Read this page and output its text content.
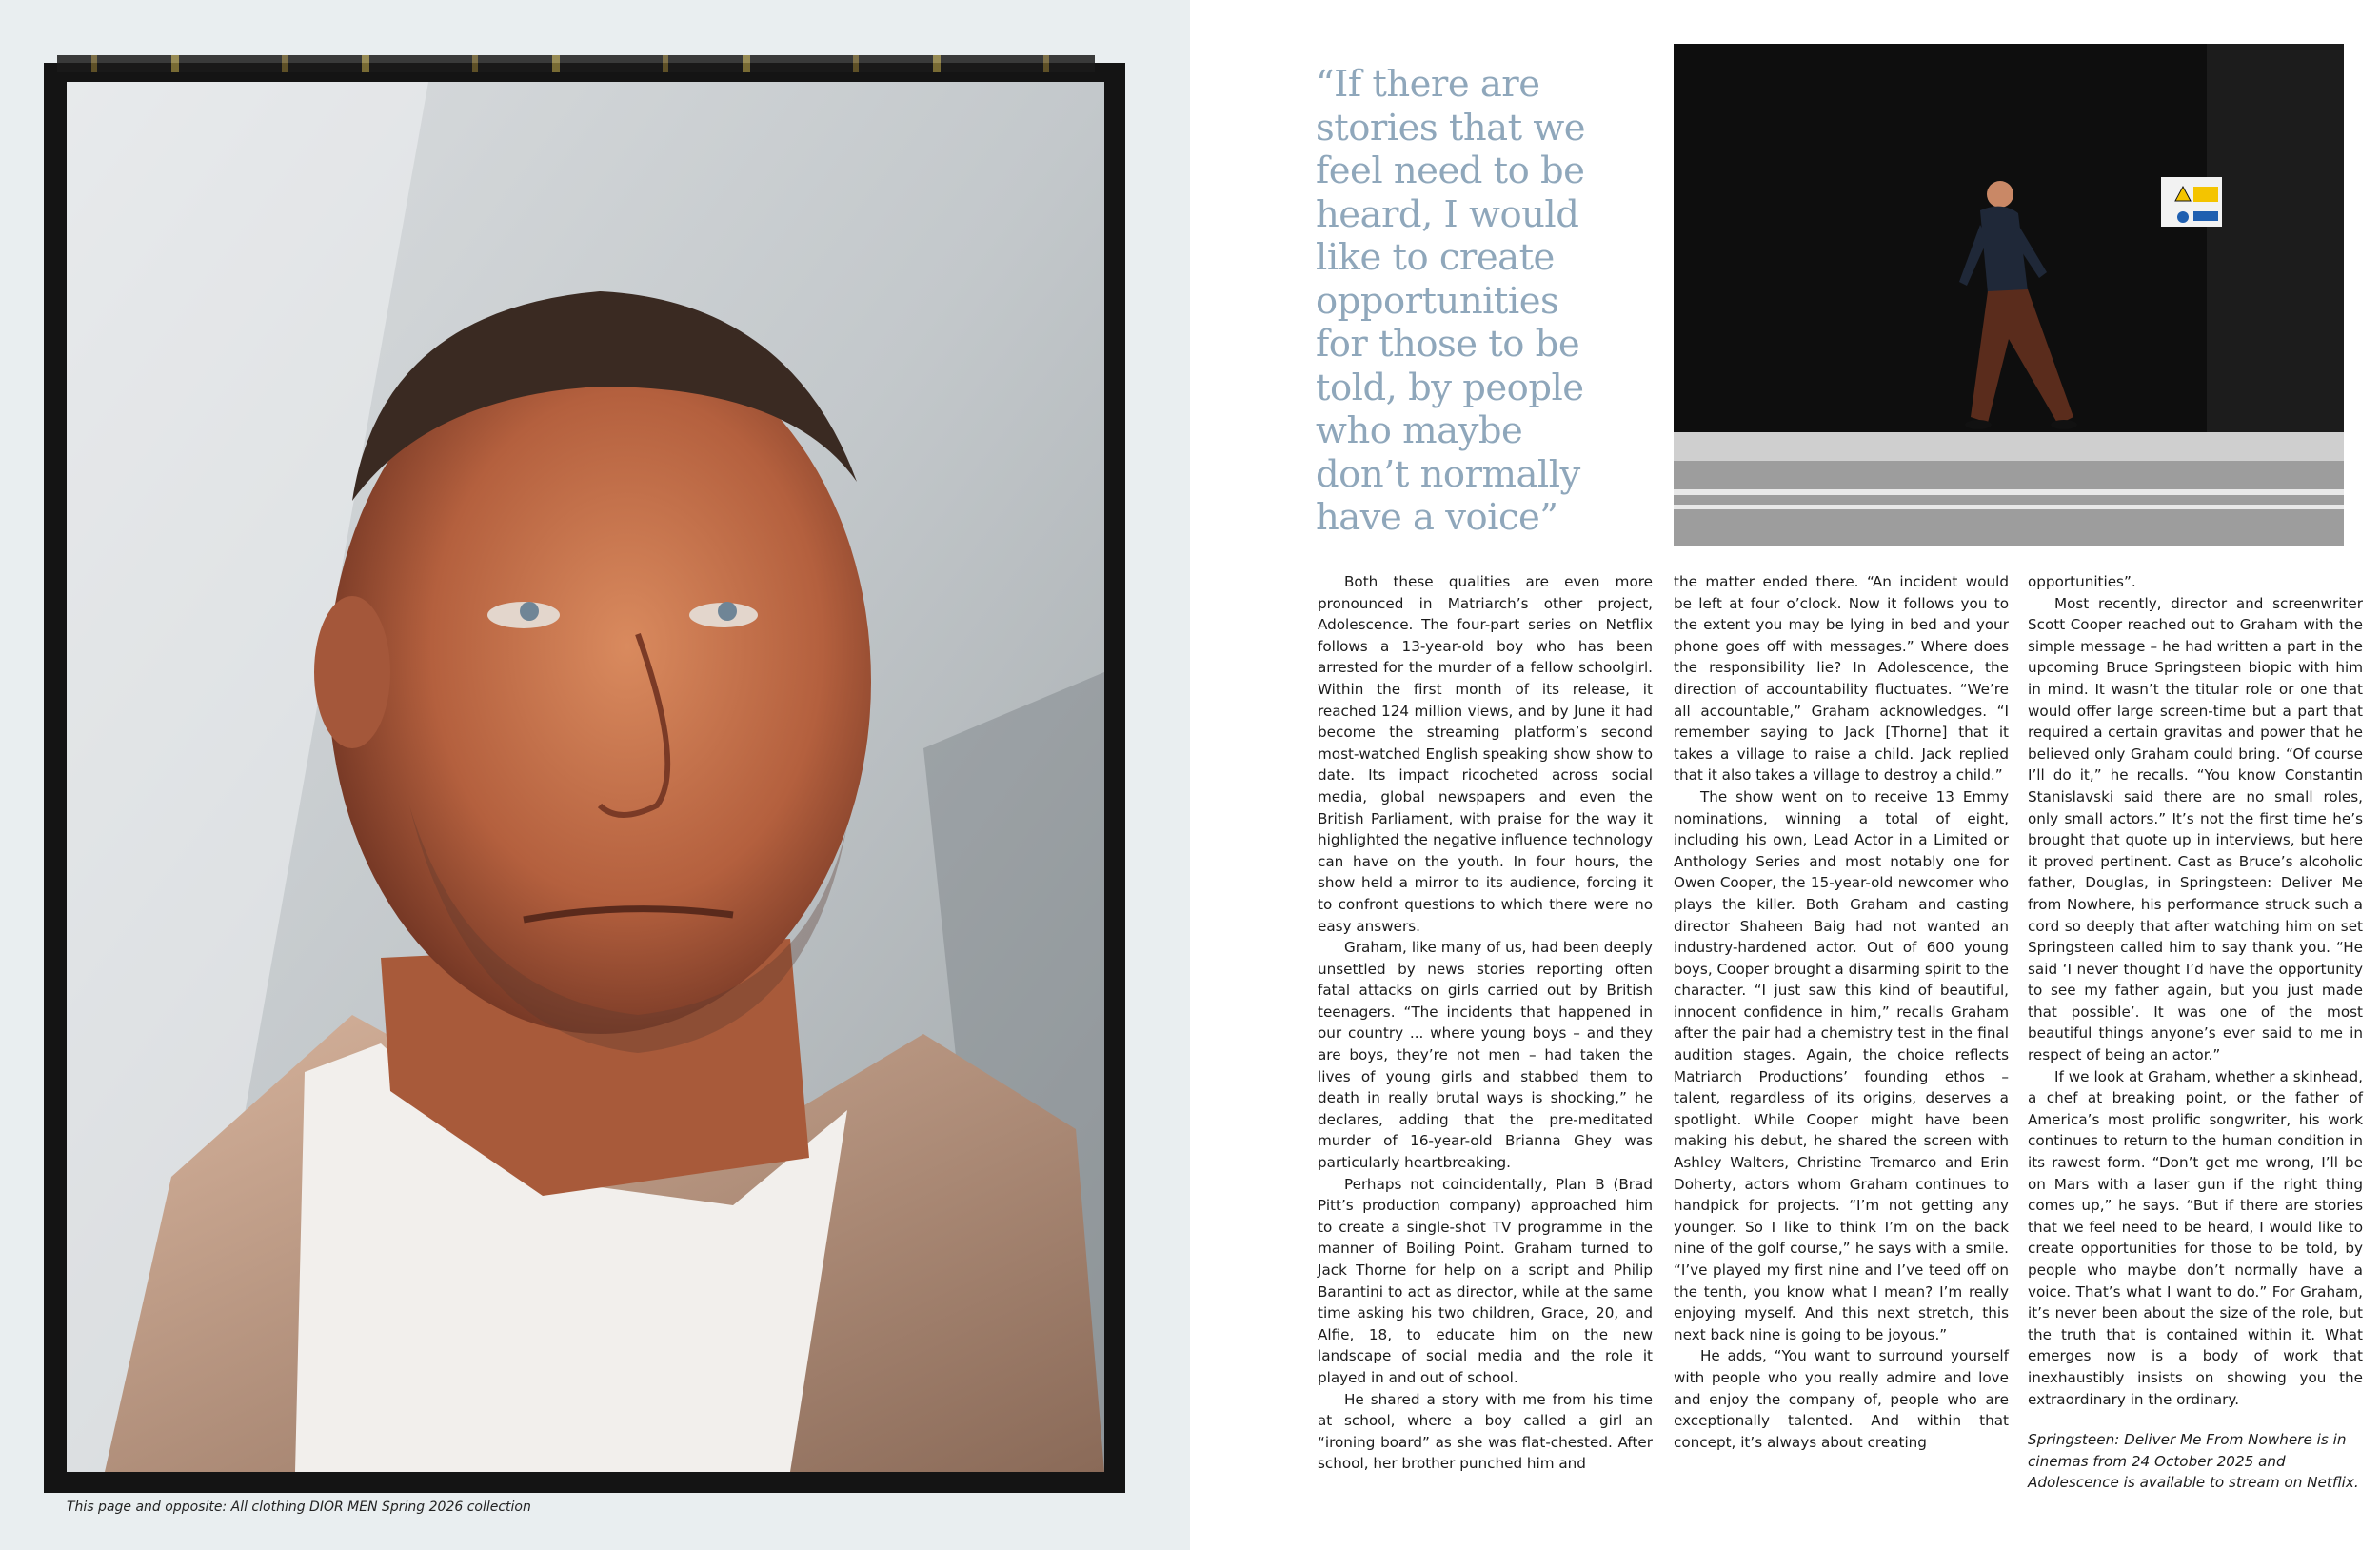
This page and opposite: All clothing DIOR MEN Spring 2026 collection
“If there are stories that we feel need to be heard, I would like to create opportunities for those to be told, by people who maybe don’t normally have a voice”

Both these qualities are even more pronounced in Matriarch’s other project, Adolescence. The four-part series on Netflix follows a 13-year-old boy who has been arrested for the murder of a fellow schoolgirl. Within the first month of its release, it reached 124 million views, and by June it had become the streaming platform’s second most-watched English speaking show show to date. Its impact ricocheted across social media, global newspapers and even the British Parliament, with praise for the way it highlighted the negative influence technology can have on the youth. In four hours, the show held a mirror to its audience, forcing it to confront questions to which there were no easy answers.

Graham, like many of us, had been deeply unsettled by news stories reporting often fatal attacks on girls carried out by British teenagers. “The incidents that happened in our country ... where young boys – and they are boys, they’re not men – had taken the lives of young girls and stabbed them to death in really brutal ways is shocking,” he declares, adding that the pre-meditated murder of 16-year-old Brianna Ghey was particularly heartbreaking.

Perhaps not coincidentally, Plan B (Brad Pitt’s production company) approached him to create a single-shot TV programme in the manner of Boiling Point. Graham turned to Jack Thorne for help on a script and Philip Barantini to act as director, while at the same time asking his two children, Grace, 20, and Alfie, 18, to educate him on the new landscape of social media and the role it played in and out of school.

He shared a story with me from his time at school, where a boy called a girl an “ironing board” as she was flat-chested. After school, her brother punched him and

the matter ended there. “An incident would be left at four o’clock. Now it follows you to the extent you may be lying in bed and your phone goes off with messages.” Where does the responsibility lie? In Adolescence, the direction of accountability fluctuates. “We’re all accountable,” Graham acknowledges. “I remember saying to Jack [Thorne] that it takes a village to raise a child. Jack replied that it also takes a village to destroy a child.”

The show went on to receive 13 Emmy nominations, winning a total of eight, including his own, Lead Actor in a Limited or Anthology Series and most notably one for Owen Cooper, the 15-year-old newcomer who plays the killer. Both Graham and casting director Shaheen Baig had not wanted an industry-hardened actor. Out of 600 young boys, Cooper brought a disarming spirit to the character. “I just saw this kind of beautiful, innocent confidence in him,” recalls Graham after the pair had a chemistry test in the final audition stages. Again, the choice reflects Matriarch Productions’ founding ethos – talent, regardless of its origins, deserves a spotlight. While Cooper might have been making his debut, he shared the screen with Ashley Walters, Christine Tremarco and Erin Doherty, actors whom Graham continues to handpick for projects. “I’m not getting any younger. So I like to think I’m on the back nine of the golf course,” he says with a smile. “I’ve played my first nine and I’ve teed off on the tenth, you know what I mean? I’m really enjoying myself. And this next stretch, this next back nine is going to be joyous.”

He adds, “You want to surround yourself with people who you really admire and love and enjoy the company of, people who are exceptionally talented. And within that concept, it’s always about creating

opportunities”.

Most recently, director and screenwriter Scott Cooper reached out to Graham with the simple message – he had written a part in the upcoming Bruce Springsteen biopic with him in mind. It wasn’t the titular role or one that would offer large screen-time but a part that required a certain gravitas and power that he believed only Graham could bring. “Of course I’ll do it,” he recalls. “You know Constantin Stanislavski said there are no small roles, only small actors.” It’s not the first time he’s brought that quote up in interviews, but here it proved pertinent. Cast as Bruce’s alcoholic father, Douglas, in Springsteen: Deliver Me from Nowhere, his performance struck such a cord so deeply that after watching him on set Springsteen called him to say thank you. “He said ‘I never thought I’d have the opportunity to see my father again, but you just made that possible’. It was one of the most beautiful things anyone’s ever said to me in respect of being an actor.”

If we look at Graham, whether a skinhead, a chef at breaking point, or the father of America’s most prolific songwriter, his work continues to return to the human condition in its rawest form. “Don’t get me wrong, I’ll be on Mars with a laser gun if the right thing comes up,” he says. “But if there are stories that we feel need to be heard, I would like to create opportunities for those to be told, by people who maybe don’t normally have a voice. That’s what I want to do.” For Graham, it’s never been about the size of the role, but the truth that is contained within it. What emerges now is a body of work that inexhaustibly insists on showing you the extraordinary in the ordinary.

Springsteen: Deliver Me From Nowhere is in cinemas from 24 October 2025 and Adolescence is available to stream on Netflix.
